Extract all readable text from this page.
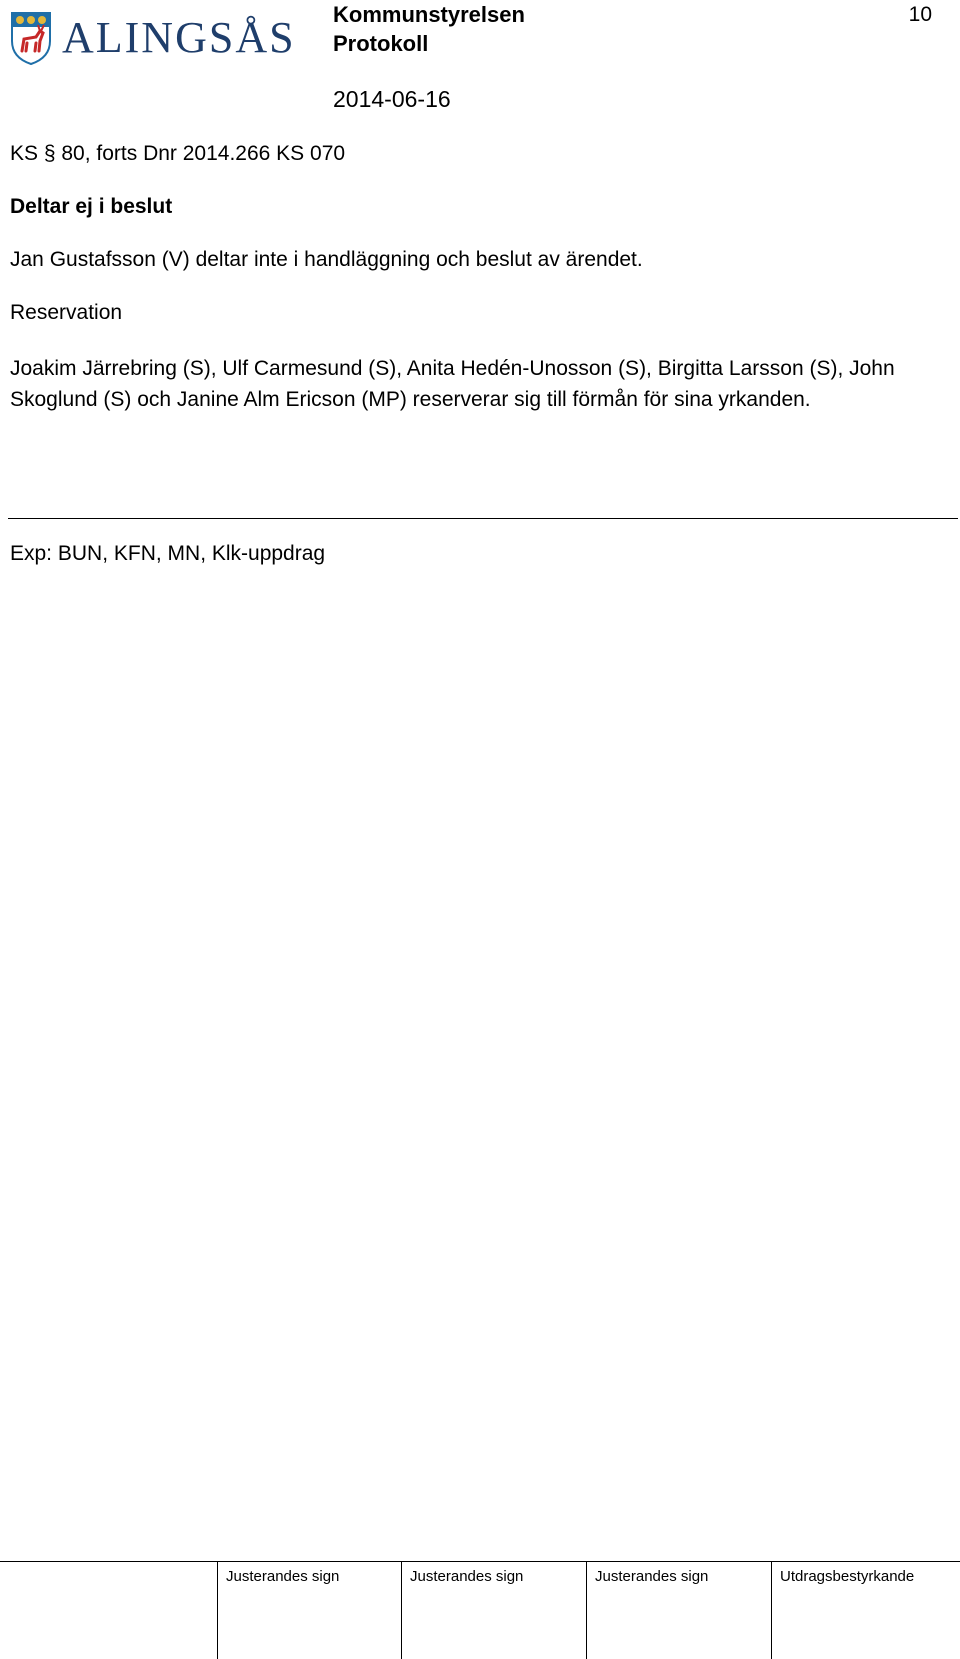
ALINGSÅS Kommunstyrelsen
Protokoll
2014-06-16
10
KS § 80, forts Dnr 2014.266 KS 070
Deltar ej i beslut
Jan Gustafsson (V) deltar inte i handläggning och beslut av ärendet.
Reservation
Joakim Järrebring (S), Ulf Carmesund (S), Anita Hedén-Unosson (S), Birgitta Larsson (S), John Skoglund (S) och Janine Alm Ericson (MP) reserverar sig till förmån för sina yrkanden.
Exp: BUN, KFN, MN, Klk-uppdrag
Justerandes sign	Justerandes sign	Justerandes sign	Utdragsbestyrkande
